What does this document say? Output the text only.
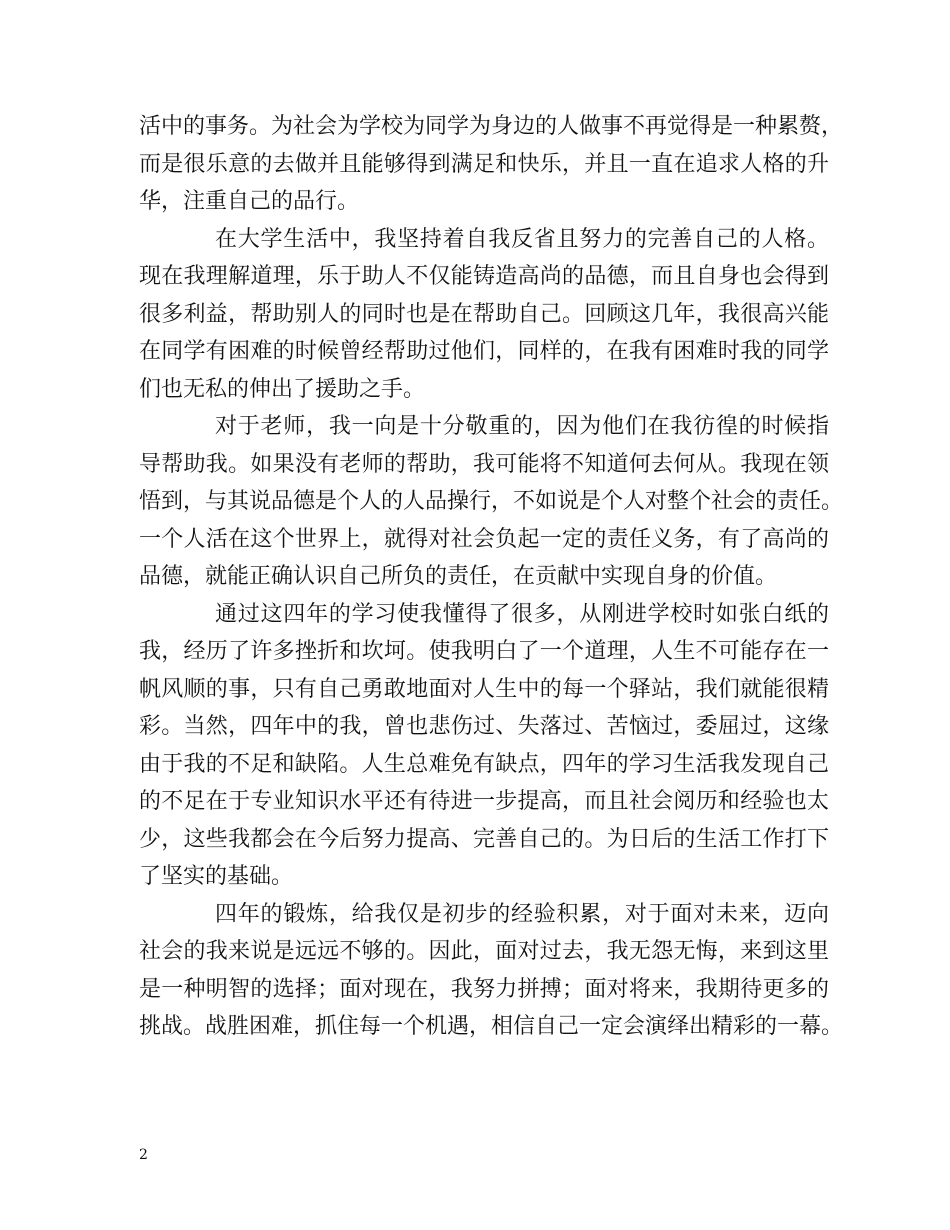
活中的事务。为社会为学校为同学为身边的人做事不再觉得是一种累赘，
而是很乐意的去做并且能够得到满足和快乐，并且一直在追求人格的升
华，注重自己的品行。
在大学生活中，我坚持着自我反省且努力的完善自己的人格。
现在我理解道理，乐于助人不仅能铸造高尚的品德，而且自身也会得到
很多利益，帮助别人的同时也是在帮助自己。回顾这几年，我很高兴能
在同学有困难的时候曾经帮助过他们，同样的，在我有困难时我的同学
们也无私的伸出了援助之手。
对于老师，我一向是十分敬重的，因为他们在我彷徨的时候指
导帮助我。如果没有老师的帮助，我可能将不知道何去何从。我现在领
悟到，与其说品德是个人的人品操行，不如说是个人对整个社会的责任。
一个人活在这个世界上，就得对社会负起一定的责任义务，有了高尚的
品德，就能正确认识自己所负的责任，在贡献中实现自身的价值。
通过这四年的学习使我懂得了很多，从刚进学校时如张白纸的
我，经历了许多挫折和坎坷。使我明白了一个道理，人生不可能存在一
帆风顺的事，只有自己勇敢地面对人生中的每一个驿站，我们就能很精
彩。当然，四年中的我，曾也悲伤过、失落过、苦恼过，委屈过，这缘
由于我的不足和缺陷。人生总难免有缺点，四年的学习生活我发现自己
的不足在于专业知识水平还有待进一步提高，而且社会阅历和经验也太
少，这些我都会在今后努力提高、完善自己的。为日后的生活工作打下
了坚实的基础。
四年的锻炼，给我仅是初步的经验积累，对于面对未来，迈向
社会的我来说是远远不够的。因此，面对过去，我无怨无悔，来到这里
是一种明智的选择；面对现在，我努力拼搏；面对将来，我期待更多的
挑战。战胜困难，抓住每一个机遇，相信自己一定会演绎出精彩的一幕。
2
